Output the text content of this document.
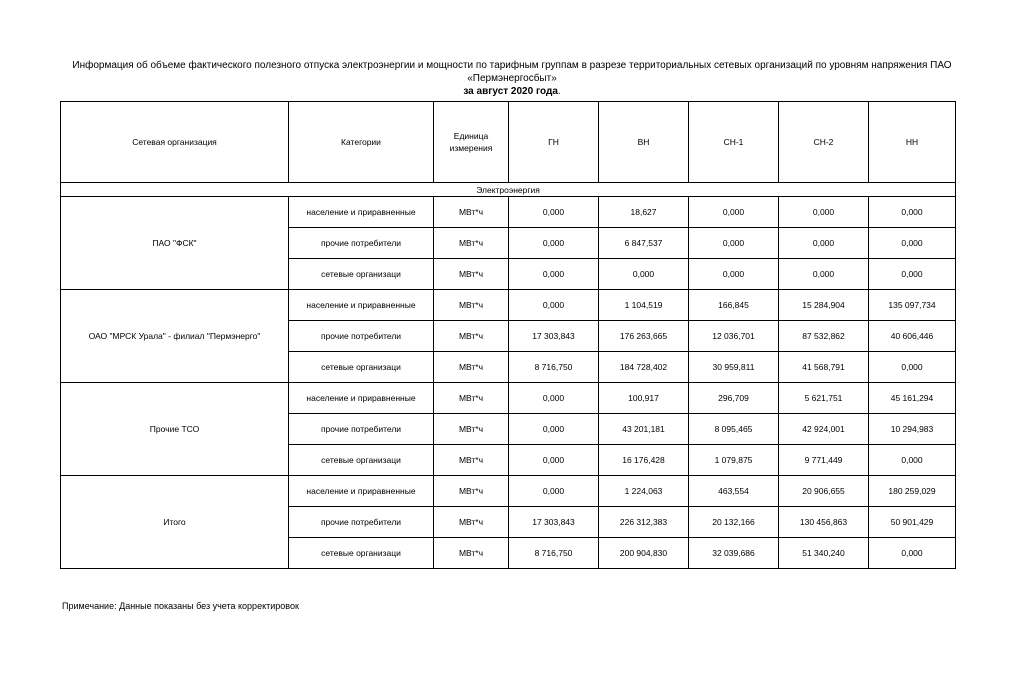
Информация об объеме фактического полезного отпуска электроэнергии и мощности по тарифным группам в разрезе территориальных сетевых организаций по уровням напряжения ПАО «Пермэнергосбыт»
за август 2020 года.
Сетевая организация	Категории	Единица измерения	ГН	ВН	СН-1	СН-2	НН
Электроэнергия							
ПАО "ФСК"	население и приравненные	МВт*ч	0,000	18,627	0,000	0,000	0,000
	прочие потребители	МВт*ч	0,000	6 847,537	0,000	0,000	0,000
	сетевые организаци	МВт*ч	0,000	0,000	0,000	0,000	0,000
ОАО "МРСК Урала" - филиал "Пермэнерго"	население и приравненные	МВт*ч	0,000	1 104,519	166,845	15 284,904	135 097,734
	прочие потребители	МВт*ч	17 303,843	176 263,665	12 036,701	87 532,862	40 606,446
	сетевые организаци	МВт*ч	8 716,750	184 728,402	30 959,811	41 568,791	0,000
Прочие ТСО	население и приравненные	МВт*ч	0,000	100,917	296,709	5 621,751	45 161,294
	прочие потребители	МВт*ч	0,000	43 201,181	8 095,465	42 924,001	10 294,983
	сетевые организаци	МВт*ч	0,000	16 176,428	1 079,875	9 771,449	0,000
Итого	население и приравненные	МВт*ч	0,000	1 224,063	463,554	20 906,655	180 259,029
	прочие потребители	МВт*ч	17 303,843	226 312,383	20 132,166	130 456,863	50 901,429
	сетевые организаци	МВт*ч	8 716,750	200 904,830	32 039,686	51 340,240	0,000
Примечание: Данные показаны без учета корректировок
